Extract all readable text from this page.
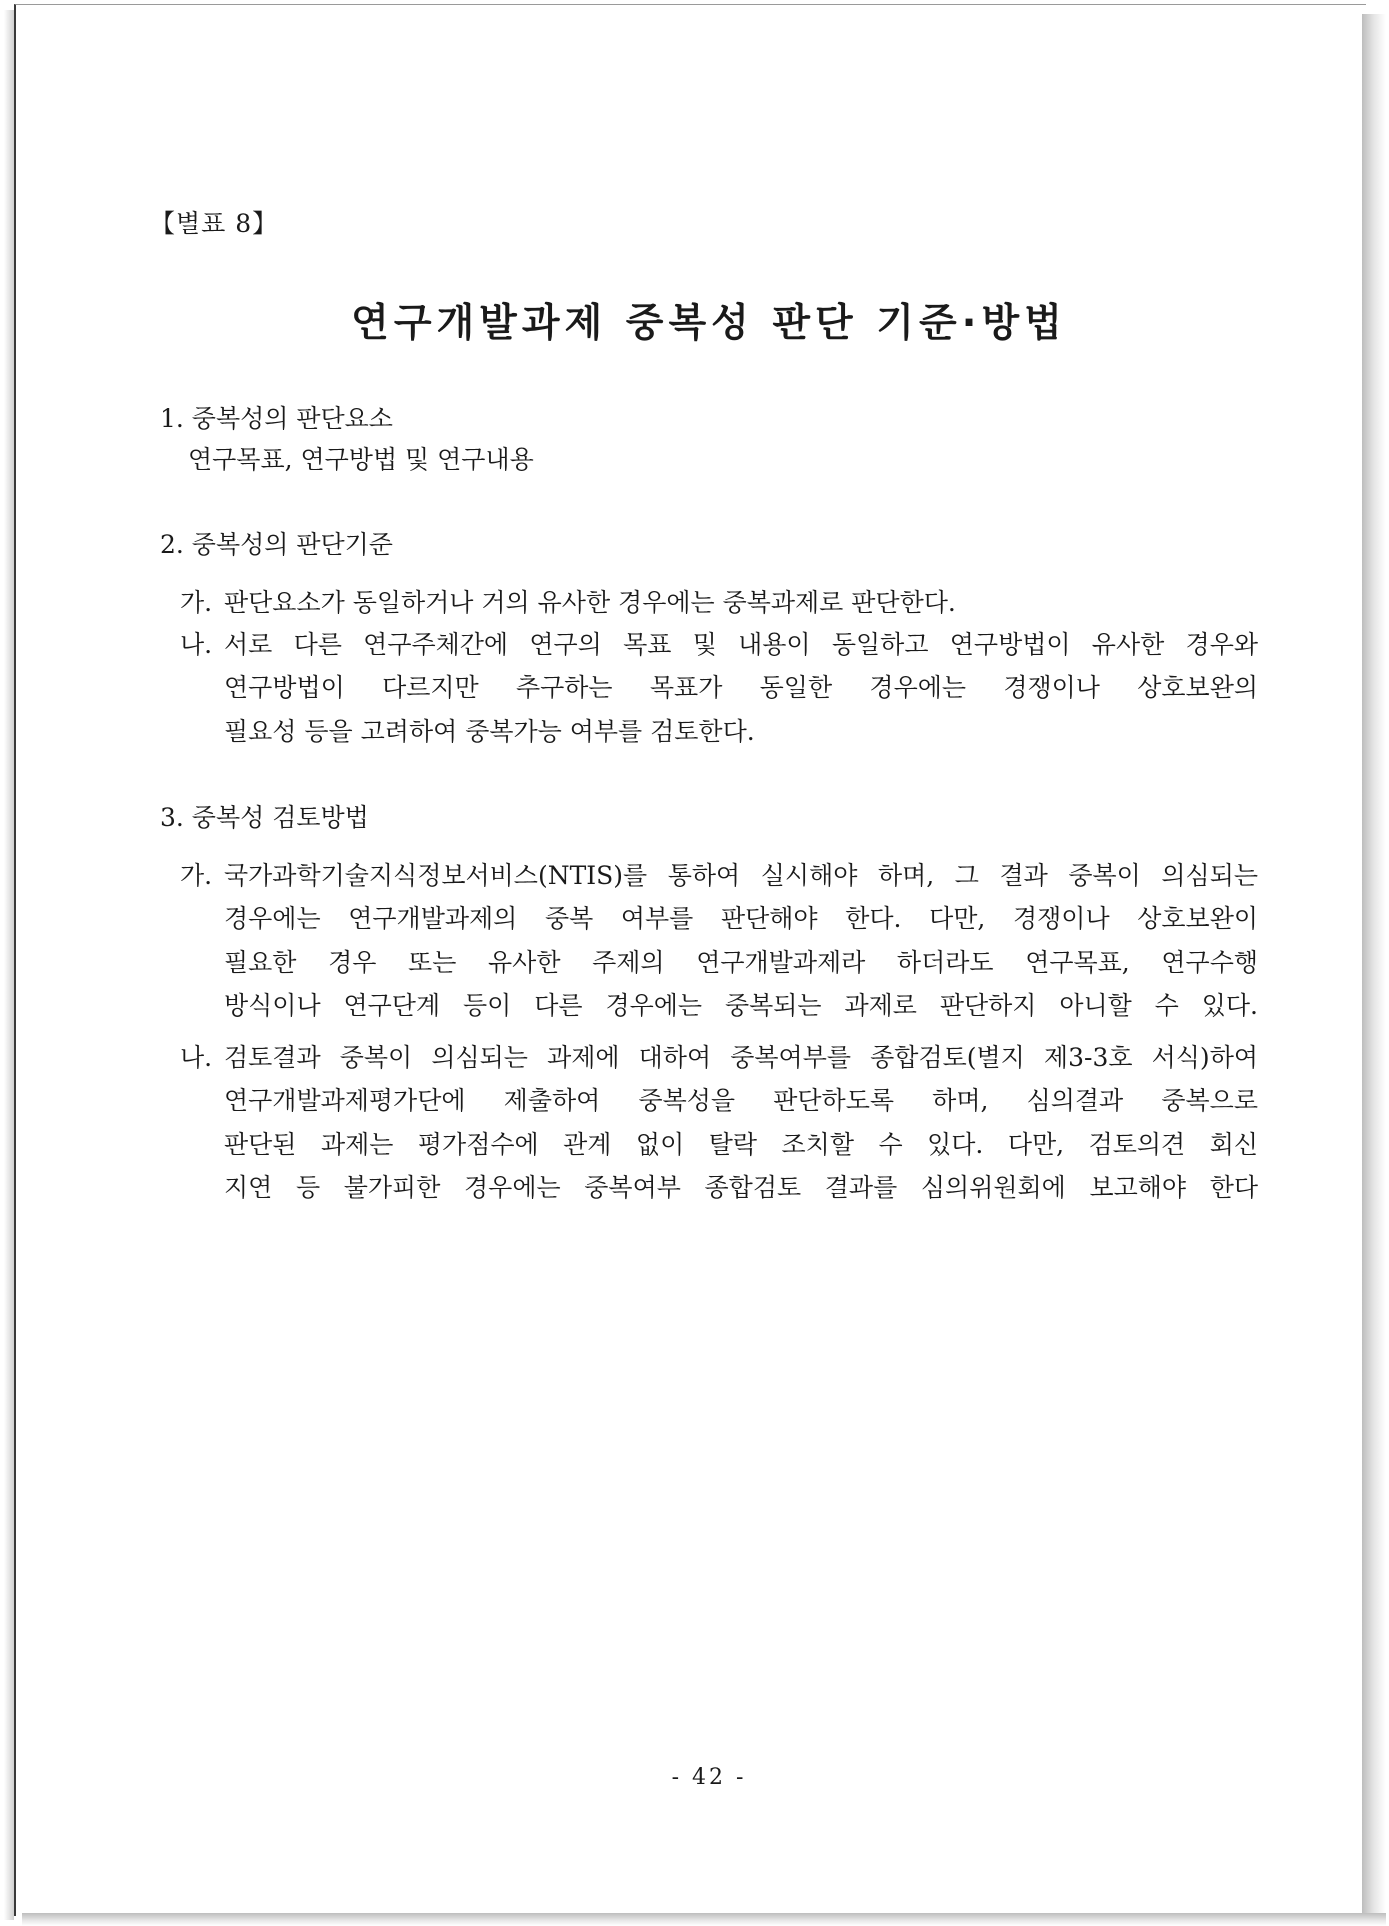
【별표 8】
연구개발과제 중복성 판단 기준·방법
1. 중복성의 판단요소
연구목표, 연구방법 및 연구내용
2. 중복성의 판단기준
가. 판단요소가 동일하거나 거의 유사한 경우에는 중복과제로 판단한다.
나. 서로 다른 연구주체간에 연구의 목표 및 내용이 동일하고 연구방법이 유사한 경우와
연구방법이 다르지만 추구하는 목표가 동일한 경우에는 경쟁이나 상호보완의
필요성 등을 고려하여 중복가능 여부를 검토한다.
3. 중복성 검토방법
가. 국가과학기술지식정보서비스(NTIS)를 통하여 실시해야 하며, 그 결과 중복이 의심되는
경우에는 연구개발과제의 중복 여부를 판단해야 한다. 다만, 경쟁이나 상호보완이
필요한 경우 또는 유사한 주제의 연구개발과제라 하더라도 연구목표, 연구수행
방식이나 연구단계 등이 다른 경우에는 중복되는 과제로 판단하지 아니할 수 있다.
나. 검토결과 중복이 의심되는 과제에 대하여 중복여부를 종합검토(별지 제3-3호 서식)하여
연구개발과제평가단에 제출하여 중복성을 판단하도록 하며, 심의결과 중복으로
판단된 과제는 평가점수에 관계 없이 탈락 조치할 수 있다. 다만, 검토의견 회신
지연 등 불가피한 경우에는 중복여부 종합검토 결과를 심의위원회에 보고해야 한다
- 42 -
